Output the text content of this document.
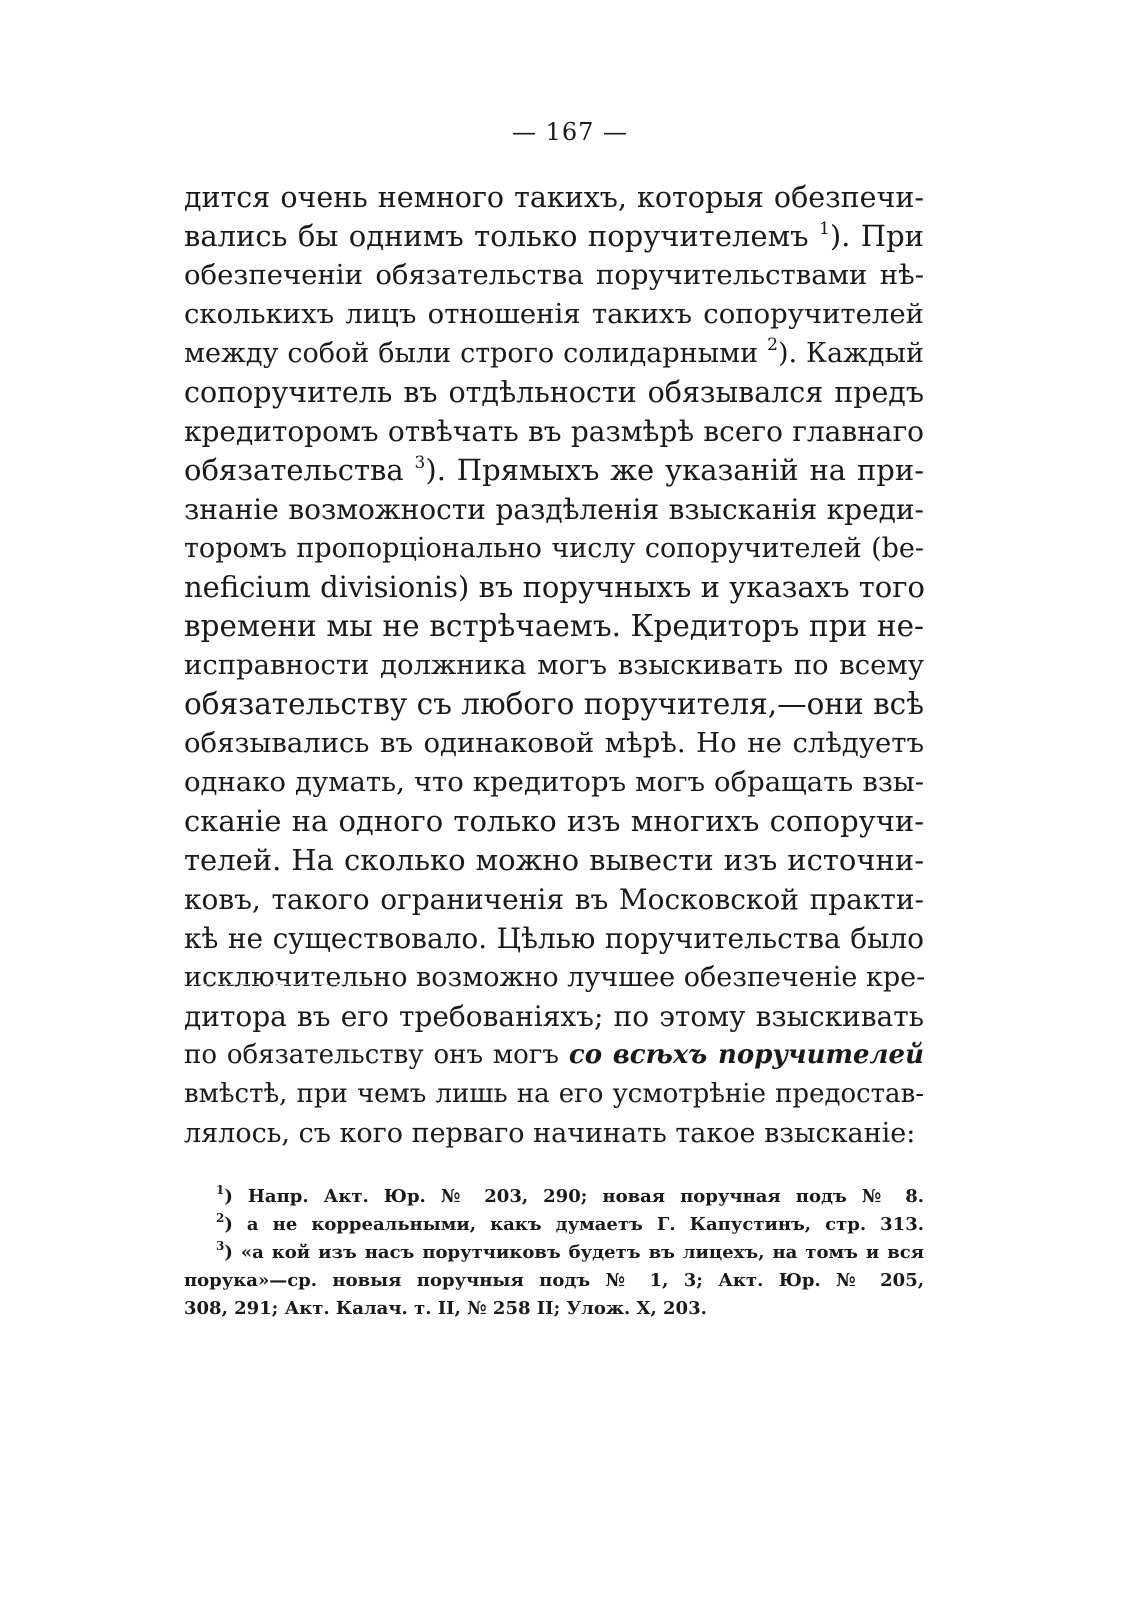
— 167 —
дится очень немного такихъ, которыя обезпечи-
вались бы однимъ только поручителемъ $^1$). При
обезпеченіи обязательства поручительствами нѣ-
сколькихъ лицъ отношенія такихъ сопоручителей
между собой были строго солидарными $^2$). Каждый
сопоручитель въ отдѣльности обязывался предъ
кредиторомъ отвѣчать въ размѣрѣ всего главнаго
обязательства $^3$). Прямыхъ же указаній на при-
знаніе возможности раздѣленія взысканія креди-
торомъ пропорціонально числу сопоручителей (be-
neficium divisionis) въ поручныхъ и указахъ того
времени мы не встрѣчаемъ. Кредиторъ при не-
исправности должника могъ взыскивать по всему
обязательству съ любого поручителя,—они всѣ
обязывались въ одинаковой мѣрѣ. Но не слѣдуетъ
однако думать, что кредиторъ могъ обращать взы-
сканіе на одного только изъ многихъ сопоручи-
телей. На сколько можно вывести изъ источни-
ковъ, такого ограниченія въ Московской практи-
кѣ не существовало. Цѣлью поручительства было
исключительно возможно лучшее обезпеченіе кре-
дитора въ его требованіяхъ; по этому взыскивать
по обязательству онъ могъ со всѣхъ поручителей
вмѣстѣ, при чемъ лишь на его усмотрѣніе предостав-
лялось, съ кого перваго начинать такое взысканіе:
$^1$) Напр. Акт. Юр. № 203, 290; новая поручная подъ № 8.
$^2$) а не корреальными, какъ думаетъ Г. Капустинъ, стр. 313.
$^3$) «а кой изъ насъ порутчиковъ будетъ въ лицехъ, на томъ и вся
порука»—ср. новыя поручныя подъ № 1, 3; Акт. Юр. № 205,
308, 291; Акт. Калач. т. II, № 258 II; Улож. X, 203.
